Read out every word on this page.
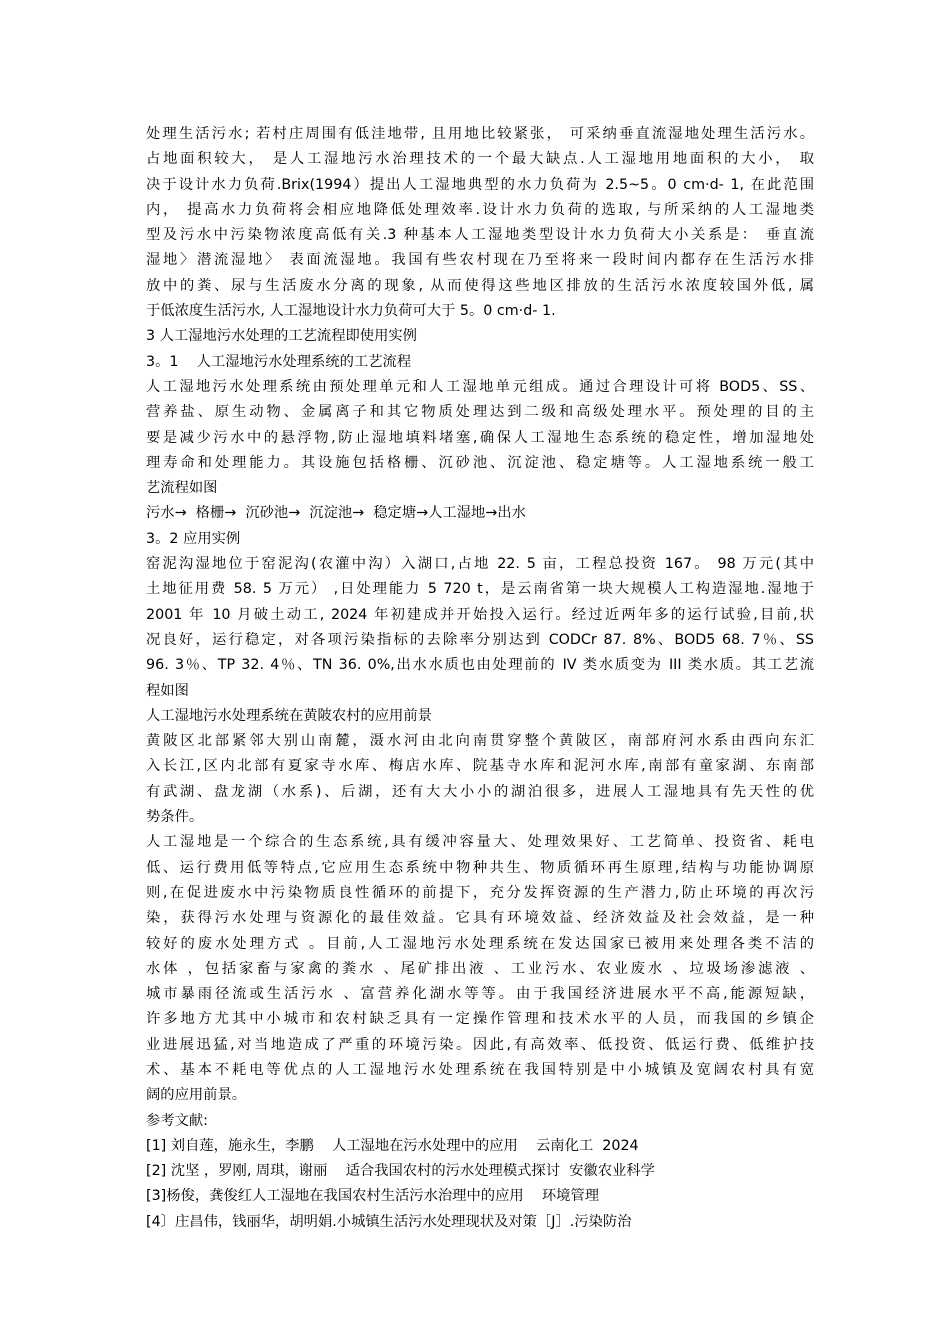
处理生活污水; 若村庄周围有低洼地带, 且用地比较紧张， 可采纳垂直流湿地处理生活污水。
占地面积较大， 是人工湿地污水治理技术的一个最大缺点.人工湿地用地面积的大小， 取
决于设计水力负荷.Brix(1994）提出人工湿地典型的水力负荷为 2.5~5。0 cm·d- 1, 在此范围
内， 提高水力负荷将会相应地降低处理效率.设计水力负荷的选取, 与所采纳的人工湿地类
型及污水中污染物浓度高低有关.3 种基本人工湿地类型设计水力负荷大小关系是： 垂直流
湿地〉潜流湿地〉 表面流湿地。我国有些农村现在乃至将来一段时间内都存在生活污水排
放中的粪、尿与生活废水分离的现象, 从而使得这些地区排放的生活污水浓度较国外低, 属
于低浓度生活污水, 人工湿地设计水力负荷可大于 5。0 cm·d- 1.
3 人工湿地污水处理的工艺流程即使用实例
3。1    人工湿地污水处理系统的工艺流程
人工湿地污水处理系统由预处理单元和人工湿地单元组成。通过合理设计可将 BOD5、SS、
营养盐、原生动物、金属离子和其它物质处理达到二级和高级处理水平。预处理的目的主
要是减少污水中的悬浮物,防止湿地填料堵塞,确保人工湿地生态系统的稳定性，增加湿地处
理寿命和处理能力。其设施包括格栅、沉砂池、沉淀池、稳定塘等。人工湿地系统一般工
艺流程如图
污水→  格栅→  沉砂池→  沉淀池→  稳定塘→人工湿地→出水
3。2 应用实例
窑泥沟湿地位于窑泥沟(农灌中沟）入湖口,占地 22. 5 亩，工程总投资 167。 98 万元(其中
土地征用费 58. 5 万元） ,日处理能力 5 720 t，是云南省第一块大规模人工构造湿地.湿地于
2001 年 10 月破土动工, 2024 年初建成并开始投入运行。经过近两年多的运行试验,目前,状
况良好，运行稳定，对各项污染指标的去除率分别达到 CODCr 87. 8%、BOD5 68. 7％、SS
96. 3％、TP 32. 4％、TN 36. 0%,出水水质也由处理前的 IV 类水质变为 III 类水质。其工艺流
程如图
人工湿地污水处理系统在黄陂农村的应用前景
黄陂区北部紧邻大别山南麓，滠水河由北向南贯穿整个黄陂区，南部府河水系由西向东汇
入长江,区内北部有夏家寺水库、梅店水库、院基寺水库和泥河水库,南部有童家湖、东南部
有武湖、盘龙湖（水系)、后湖，还有大大小小的湖泊很多，进展人工湿地具有先天性的优
势条件。
人工湿地是一个综合的生态系统,具有缓冲容量大、处理效果好、工艺简单、投资省、耗电
低、运行费用低等特点,它应用生态系统中物种共生、物质循环再生原理,结构与功能协调原
则,在促进废水中污染物质良性循环的前提下，充分发挥资源的生产潜力,防止环境的再次污
染，获得污水处理与资源化的最佳效益。它具有环境效益、经济效益及社会效益，是一种
较好的废水处理方式 。目前,人工湿地污水处理系统在发达国家已被用来处理各类不洁的
水体 ，包括家畜与家禽的粪水 、尾矿排出液 、工业污水、农业废水 、垃圾场渗滤液 、
城市暴雨径流或生活污水 、富营养化湖水等等。由于我国经济进展水平不高,能源短缺，
许多地方尤其中小城市和农村缺乏具有一定操作管理和技术水平的人员，而我国的乡镇企
业进展迅猛,对当地造成了严重的环境污染。因此,有高效率、低投资、低运行费、低维护技
术、基本不耗电等优点的人工湿地污水处理系统在我国特别是中小城镇及宽阔农村具有宽
阔的应用前景。
参考文献:
[1] 刘自莲，施永生，李鹏    人工湿地在污水处理中的应用    云南化工  2024
[2] 沈坚 ，罗刚, 周琪，谢丽    适合我国农村的污水处理模式探讨  安徽农业科学
[3]杨俊，龚俊红人工湿地在我国农村生活污水治理中的应用    环境管理
[4〕庄昌伟，钱丽华，胡明娟.小城镇生活污水处理现状及对策［J］.污染防治
